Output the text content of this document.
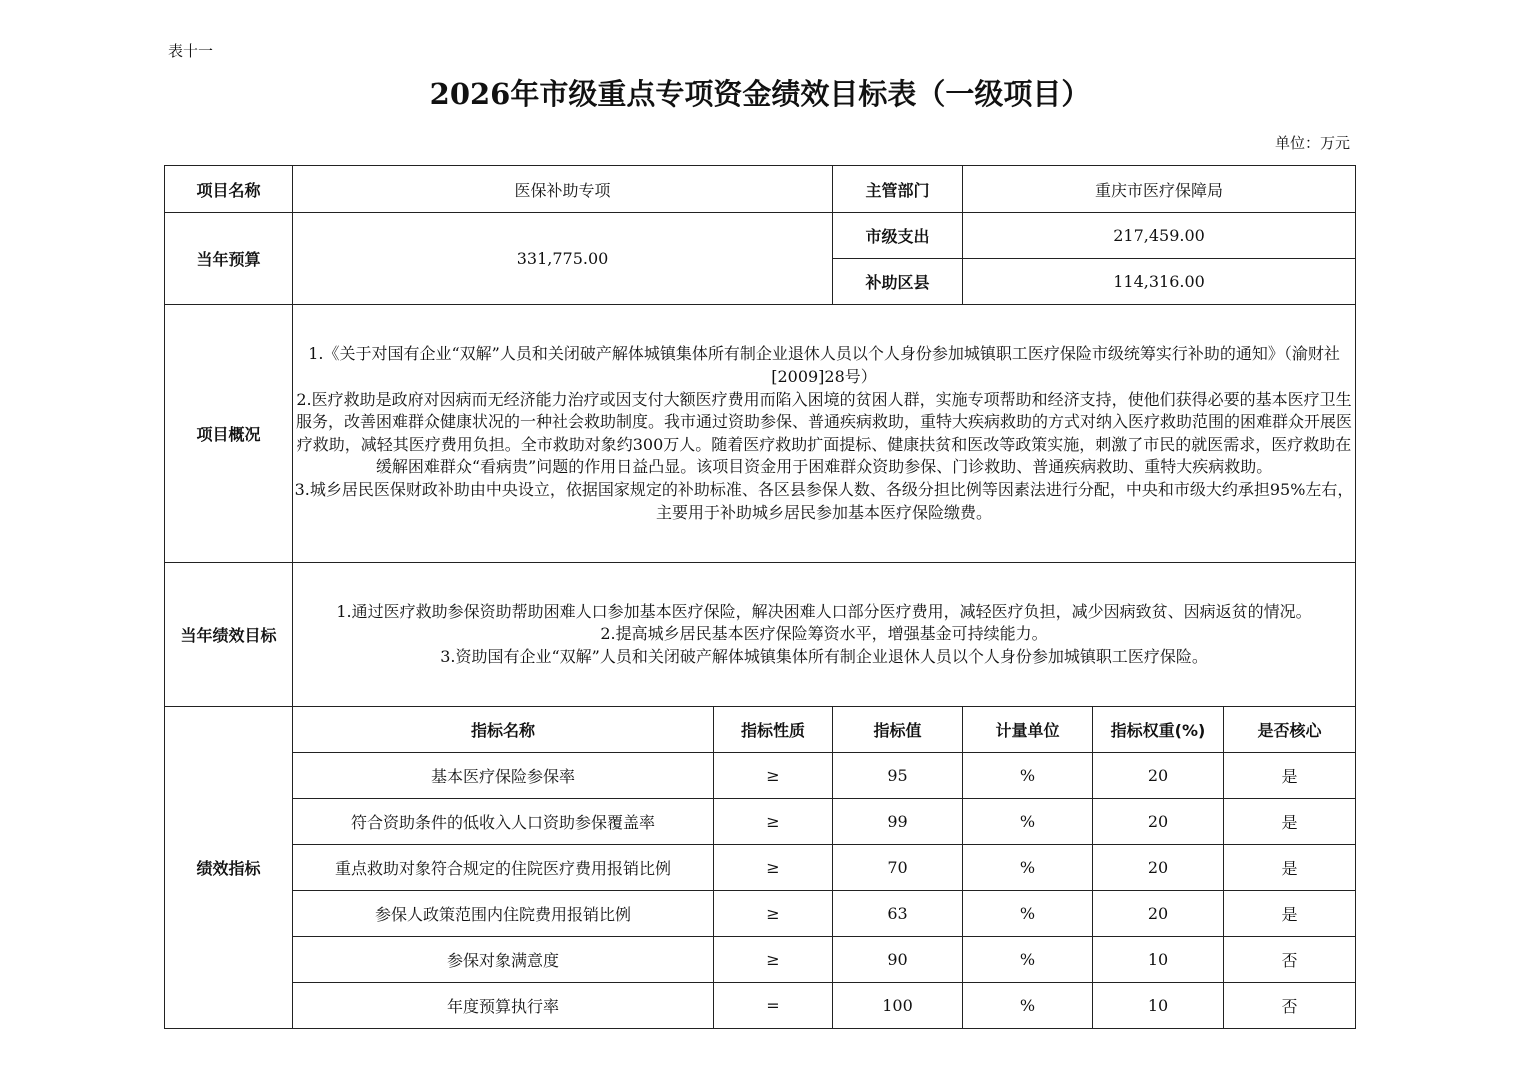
表十一
2026年市级重点专项资金绩效目标表（一级项目）
单位：万元
项目名称	医保补助专项		主管部门	重庆市医疗保障局		
当年预算	331,775.00		市级支出	217,459.00		
			补助区县	114,316.00		
项目概况	1.《关于对国有企业“双解”人员和关闭破产解体城镇集体所有制企业退休人员以个人身份参加城镇职工医疗保险市级统筹实行补助的通知》（渝财社[2009]28号）

2.医疗救助是政府对因病而无经济能力治疗或因支付大额医疗费用而陷入困境的贫困人群，实施专项帮助和经济支持，使他们获得必要的基本医疗卫生服务，改善困难群众健康状况的一种社会救助制度。我市通过资助参保、普通疾病救助，重特大疾病救助的方式对纳入医疗救助范围的困难群众开展医疗救助，减轻其医疗费用负担。全市救助对象约300万人。随着医疗救助扩面提标、健康扶贫和医改等政策实施，刺激了市民的就医需求，医疗救助在缓解困难群众“看病贵”问题的作用日益凸显。该项目资金用于困难群众资助参保、门诊救助、普通疾病救助、重特大疾病救助。

3.城乡居民医保财政补助由中央设立，依据国家规定的补助标准、各区县参保人数、各级分担比例等因素法进行分配，中央和市级大约承担95%左右，主要用于补助城乡居民参加基本医疗保险缴费。					

当年绩效目标	1.通过医疗救助参保资助帮助困难人口参加基本医疗保险，解决困难人口部分医疗费用，减轻医疗负担，减少因病致贫、因病返贫的情况。

2.提高城乡居民基本医疗保险筹资水平，增强基金可持续能力。

3.资助国有企业“双解”人员和关闭破产解体城镇集体所有制企业退休人员以个人身份参加城镇职工医疗保险。					

绩效指标	指标名称	指标性质	指标值	计量单位	指标权重(%)	是否核心
	基本医疗保险参保率	≥	95	%	20	是
	符合资助条件的低收入人口资助参保覆盖率	≥	99	%	20	是
	重点救助对象符合规定的住院医疗费用报销比例	≥	70	%	20	是
	参保人政策范围内住院费用报销比例	≥	63	%	20	是
	参保对象满意度	≥	90	%	10	否
	年度预算执行率	=	100	%	10	否
